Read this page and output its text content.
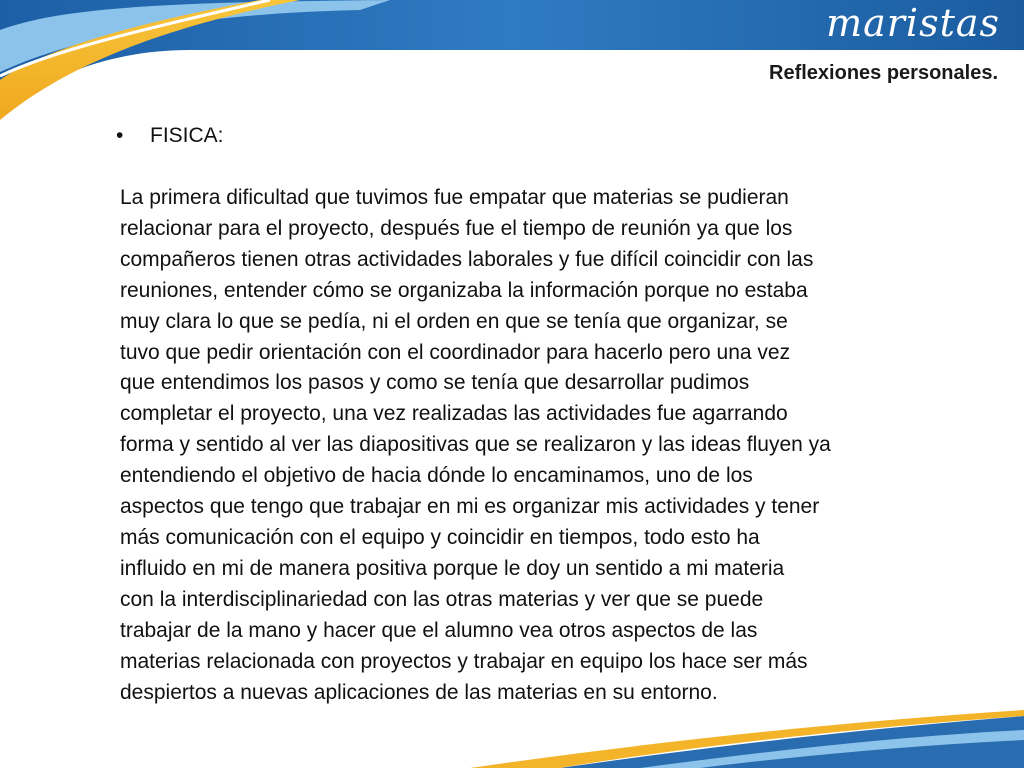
maristas
Reflexiones personales.
•	FISICA:

La primera dificultad que tuvimos fue empatar que materias se pudieran
relacionar para el proyecto, después fue el tiempo de reunión ya que los
compañeros tienen otras actividades laborales y fue difícil coincidir con las
reuniones, entender cómo se organizaba la información porque no estaba
muy clara lo que se pedía, ni el orden en que se tenía que organizar, se
tuvo que pedir orientación con el coordinador para hacerlo pero una vez
que entendimos los pasos y como se tenía que desarrollar pudimos
completar el proyecto, una vez realizadas las actividades fue agarrando
forma y sentido al ver las diapositivas que se realizaron y las ideas fluyen ya
entendiendo el objetivo de hacia dónde lo encaminamos, uno de los
aspectos que tengo que trabajar en mi es organizar mis actividades y tener
más comunicación con el equipo y coincidir en tiempos, todo esto ha
influido en mi de manera positiva porque le doy un sentido a mi materia
con la interdisciplinariedad con las otras materias y ver que se puede
trabajar de la mano y hacer que el alumno vea otros aspectos de las
materias relacionada con proyectos y trabajar en equipo los hace ser más
despiertos a nuevas aplicaciones de las materias en su entorno.
